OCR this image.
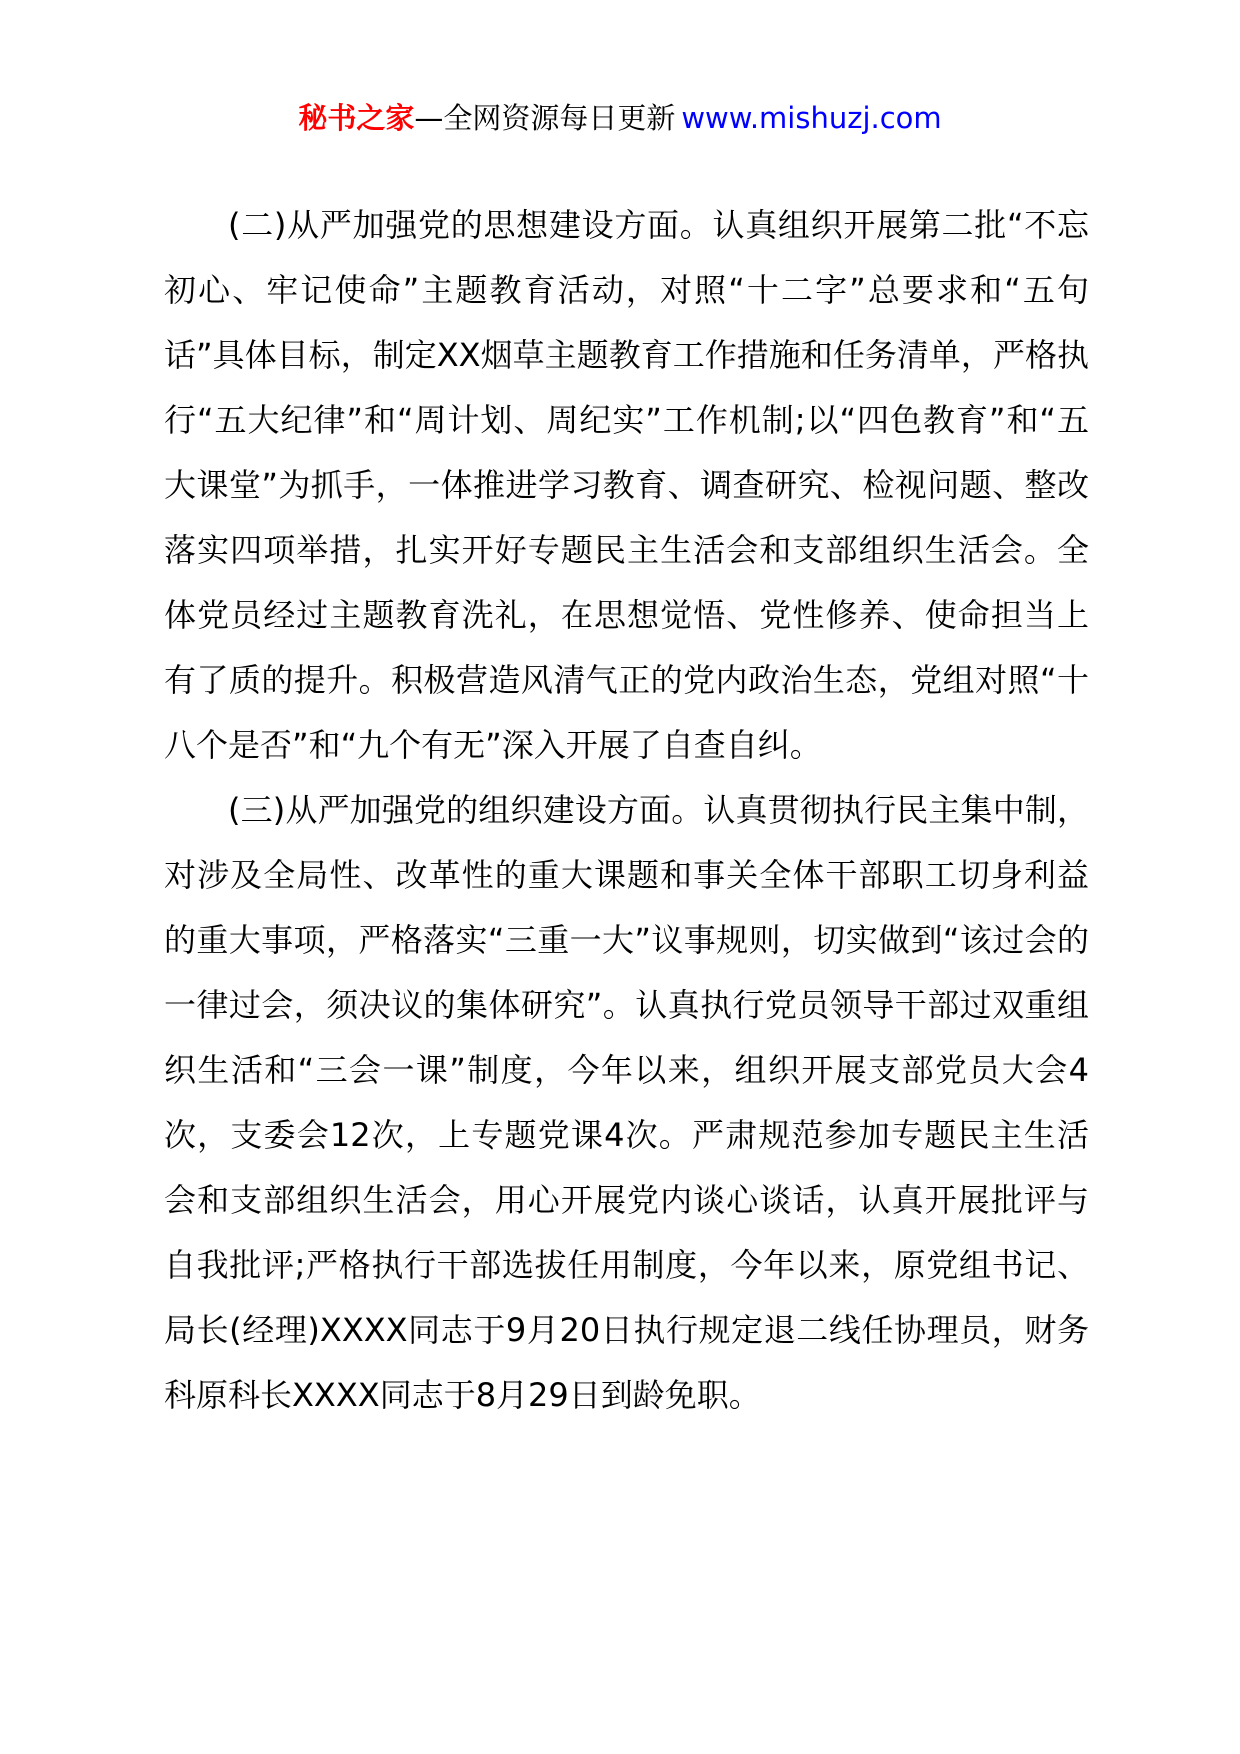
秘书之家—全网资源每日更新 www.mishuzj.com

(二)从严加强党的思想建设方面。认真组织开展第二批“不忘初心、牢记使命”主题教育活动，对照“十二字”总要求和“五句话”具体目标，制定XX烟草主题教育工作措施和任务清单，严格执行“五大纪律”和“周计划、周纪实”工作机制;以“四色教育”和“五大课堂”为抓手，一体推进学习教育、调查研究、检视问题、整改落实四项举措，扎实开好专题民主生活会和支部组织生活会。全体党员经过主题教育洗礼，在思想觉悟、党性修养、使命担当上有了质的提升。积极营造风清气正的党内政治生态，党组对照“十八个是否”和“九个有无”深入开展了自查自纠。

(三)从严加强党的组织建设方面。认真贯彻执行民主集中制，对涉及全局性、改革性的重大课题和事关全体干部职工切身利益的重大事项，严格落实“三重一大”议事规则，切实做到“该过会的一律过会，须决议的集体研究”。认真执行党员领导干部过双重组织生活和“三会一课”制度，今年以来，组织开展支部党员大会4次，支委会12次，上专题党课4次。严肃规范参加专题民主生活会和支部组织生活会，用心开展党内谈心谈话，认真开展批评与自我批评;严格执行干部选拔任用制度，今年以来，原党组书记、局长(经理)XXXX同志于9月20日执行规定退二线任协理员，财务科原科长XXXX同志于8月29日到龄免职。
